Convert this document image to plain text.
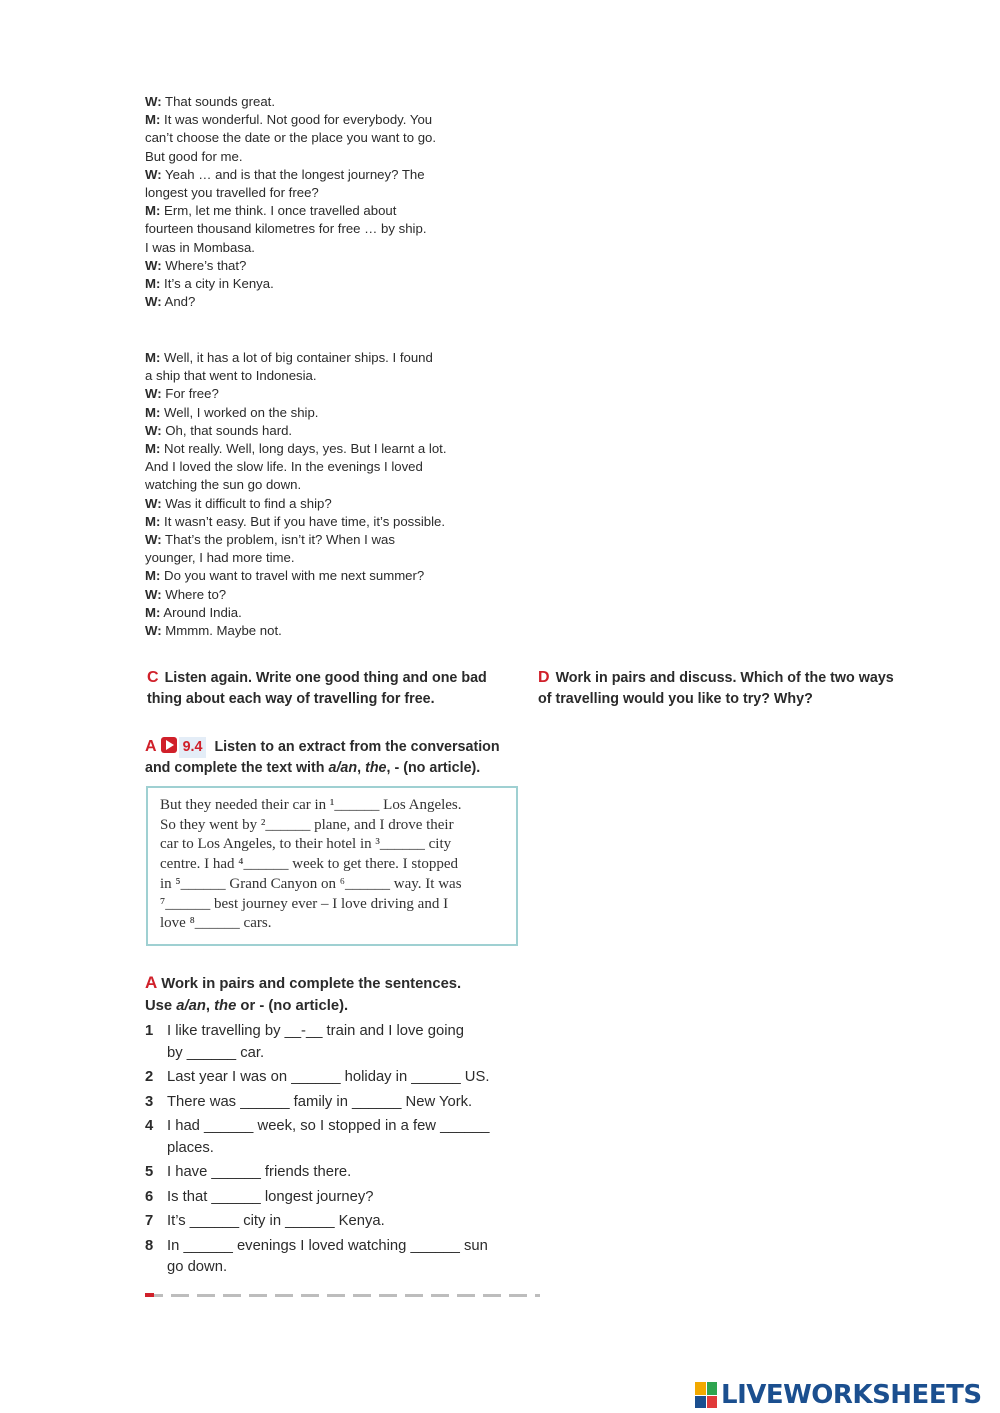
W: That sounds great.
M: It was wonderful. Not good for everybody. You
can’t choose the date or the place you want to go.
But good for me.
W: Yeah … and is that the longest journey? The
longest you travelled for free?
M: Erm, let me think. I once travelled about
fourteen thousand kilometres for free … by ship.
I was in Mombasa.
W: Where’s that?
M: It’s a city in Kenya.
W: And?
M: Well, it has a lot of big container ships. I found
a ship that went to Indonesia.
W: For free?
M: Well, I worked on the ship.
W: Oh, that sounds hard.
M: Not really. Well, long days, yes. But I learnt a lot.
And I loved the slow life. In the evenings I loved
watching the sun go down.
W: Was it difficult to find a ship?
M: It wasn’t easy. But if you have time, it’s possible.
W: That’s the problem, isn’t it? When I was
younger, I had more time.
M: Do you want to travel with me next summer?
W: Where to?
M: Around India.
W: Mmmm. Maybe not.
C Listen again. Write one good thing and one bad
thing about each way of travelling for free.
D Work in pairs and discuss. Which of the two ways
of travelling would you like to try? Why?
A 9.4 Listen to an extract from the conversation
and complete the text with a/an, the, - (no article).
But they needed their car in ¹______ Los Angeles.
So they went by ²______ plane, and I drove their
car to Los Angeles, to their hotel in ³______ city
centre. I had ⁴______ week to get there. I stopped
in ⁵______ Grand Canyon on ⁶______ way. It was
⁷______ best journey ever – I love driving and I
love ⁸______ cars.
A Work in pairs and complete the sentences.
Use a/an, the or - (no article).
1 I like travelling by __-__ train and I love going
by ______ car.
2 Last year I was on ______ holiday in ______ US.
3 There was ______ family in ______ New York.
4 I had ______ week, so I stopped in a few ______
places.
5 I have ______ friends there.
6 Is that ______ longest journey?
7 It’s ______ city in ______ Kenya.
8 In ______ evenings I loved watching ______ sun
go down.
LIVEWORKSHEETS
